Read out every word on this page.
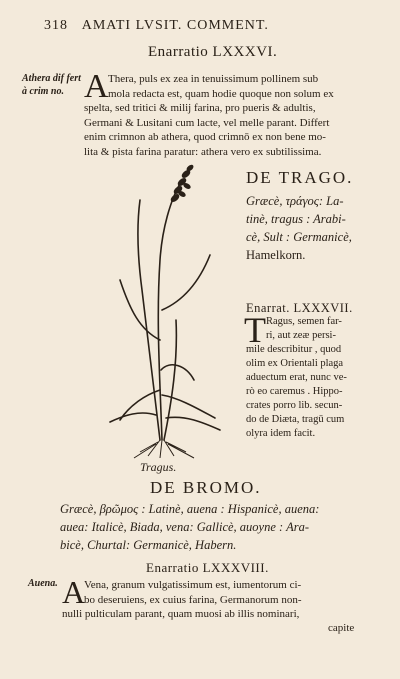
318 AMATI LVSIT. COMMENT.
Enarratio LXXXVI.
Athera dif fert à crim no. A Thera, puls ex zea in tenuissimum pollinem sub
mola redacta est, quam hodie quoque non solum ex
spelta, sed tritici & milij farina, pro pueris & adultis,
Germani & Lusitani cum lacte, vel melle parant. Differt
enim crimnon ab athera, quod crimnō ex non bene mo-
lita & pista farina paratur: athera vero ex subtilissima.
Tragus.
DE TRAGO.
Græcè, τράγος: La-
tinè, tragus : Arabi-
cè, Sult : Germanicè,
Hamelkorn.
Enarrat. LXXXVII.
T Ragus, semen far-
ri, aut zeæ persi-
mile describitur , quod
olim ex Orientali plaga
aduectum erat, nunc ve-
rò eo caremus . Hippo-
crates porro lib. secun-
do de Diæta, tragū cum
olyra idem facit.
DE BROMO.
Græcè, βρῶμος : Latinè, auena : Hispanicè, auena:
auea: Italicè, Biada, vena: Gallicè, auoyne : Ara-
bicè, Churtal: Germanicè, Habern.
Enarratio LXXXVIII.
Auena. A
Vena, granum vulgatissimum est, iumentorum ci-
bo deseruiens, ex cuius farina, Germanorum non-
nulli pulticulam parant, quam muosi ab illis nominari,
capite
